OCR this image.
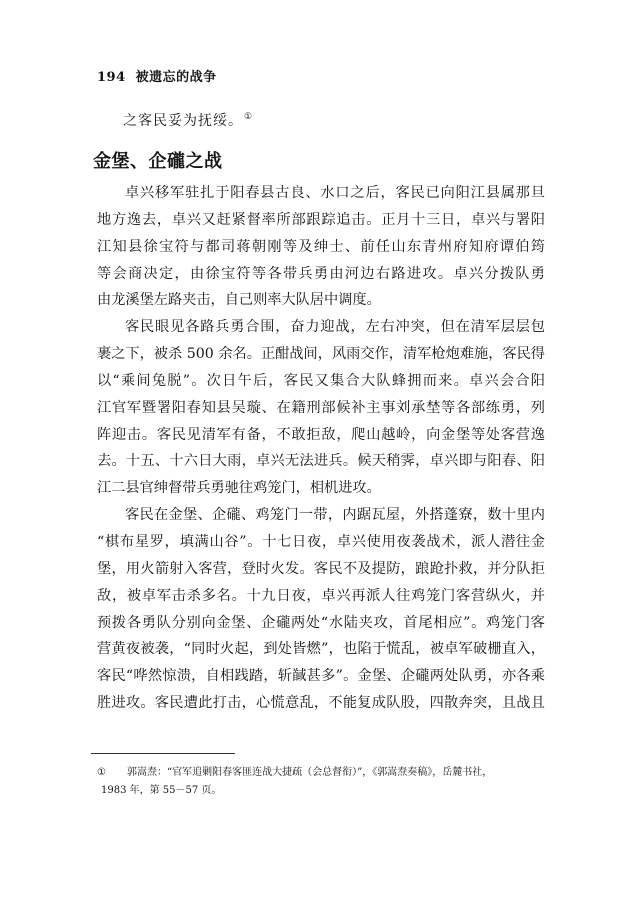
194 被遗忘的战争
之客民妥为抚绥。①
金堡、企礲之战
卓兴移军驻扎于阳春县古良、水口之后，客民已向阳江县属那旦
地方逸去，卓兴又赶紧督率所部跟踪追击。正月十三日，卓兴与署阳
江知县徐宝符与都司蒋朝刚等及绅士、前任山东青州府知府谭伯筠
等会商决定，由徐宝符等各带兵勇由河边右路进攻。卓兴分拨队勇
由龙溪堡左路夹击，自己则率大队居中调度。
客民眼见各路兵勇合围，奋力迎战，左右冲突，但在清军层层包
裹之下，被杀 500 余名。正酣战间，风雨交作，清军枪炮难施，客民得
以“乘间兔脱”。次日午后，客民又集合大队蜂拥而来。卓兴会合阳
江官军暨署阳春知县吴璇、在籍刑部候补主事刘承埜等各部练勇，列
阵迎击。客民见清军有备，不敢拒敌，爬山越岭，向金堡等处客营逸
去。十五、十六日大雨，卓兴无法进兵。候天稍霁，卓兴即与阳春、阳
江二县官绅督带兵勇驰往鸡笼门，相机进攻。
客民在金堡、企礲、鸡笼门一带，内踞瓦屋，外搭蓬寮，数十里内
“棋布星罗，填满山谷”。十七日夜，卓兴使用夜袭战术，派人潜往金
堡，用火箭射入客营，登时火发。客民不及提防，踉跄扑救，并分队拒
敌，被卓军击杀多名。十九日夜，卓兴再派人往鸡笼门客营纵火，并
预拨各勇队分别向金堡、企礲两处“水陆夹攻，首尾相应”。鸡笼门客
营黄夜被袭，“同时火起，到处皆燃”，也陷于慌乱，被卓军破栅直入，
客民“哗然惊溃，自相践踏，斩馘甚多”。金堡、企礲两处队勇，亦各乘
胜进攻。客民遭此打击，心慌意乱，不能复成队股，四散奔突，且战且
① 郭嵩焘：“官军追剿阳春客匪连战大捷疏（会总督衔）”，《郭嵩焘奏稿》，岳麓书社，
1983 年，第 55－57 页。
